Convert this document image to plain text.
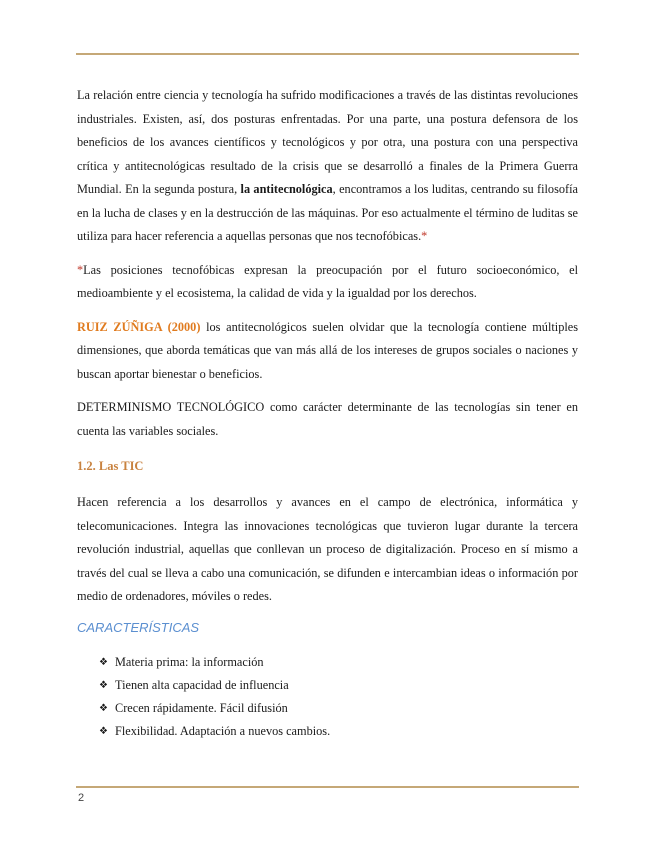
La relación entre ciencia y tecnología ha sufrido modificaciones a través de las distintas revoluciones industriales. Existen, así, dos posturas enfrentadas. Por una parte, una postura defensora de los beneficios de los avances científicos y tecnológicos y por otra, una postura con una perspectiva crítica y antitecnológicas resultado de la crisis que se desarrolló a finales de la Primera Guerra Mundial. En la segunda postura, la antitecnológica, encontramos a los luditas, centrando su filosofía en la lucha de clases y en la destrucción de las máquinas. Por eso actualmente el término de luditas se utiliza para hacer referencia a aquellas personas que nos tecnofóbicas.*

*Las posiciones tecnofóbicas expresan la preocupación por el futuro socioeconómico, el medioambiente y el ecosistema, la calidad de vida y la igualdad por los derechos.

RUIZ ZÚÑIGA (2000) los antitecnológicos suelen olvidar que la tecnología contiene múltiples dimensiones, que aborda temáticas que van más allá de los intereses de grupos sociales o naciones y buscan aportar bienestar o beneficios.

DETERMINISMO TECNOLÓGICO como carácter determinante de las tecnologías sin tener en cuenta las variables sociales.

1.2. Las TIC

Hacen referencia a los desarrollos y avances en el campo de electrónica, informática y telecomunicaciones. Integra las innovaciones tecnológicas que tuvieron lugar durante la tercera revolución industrial, aquellas que conllevan un proceso de digitalización. Proceso en sí mismo a través del cual se lleva a cabo una comunicación, se difunden e intercambian ideas o información por medio de ordenadores, móviles o redes.

CARACTERÍSTICAS
❖ Materia prima: la información
❖ Tienen alta capacidad de influencia
❖ Crecen rápidamente. Fácil difusión
❖ Flexibilidad. Adaptación a nuevos cambios.
2
